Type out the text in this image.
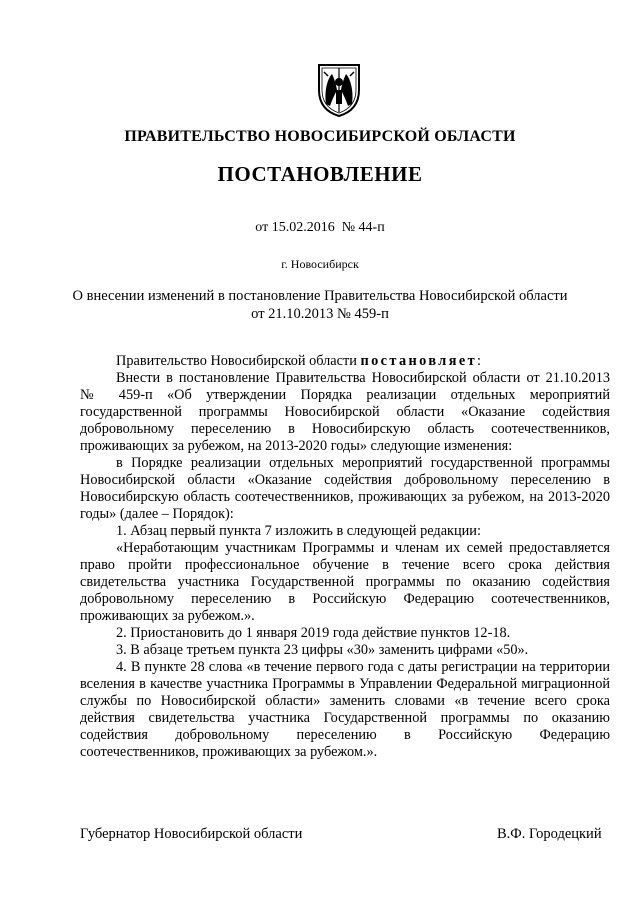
ПРАВИТЕЛЬСТВО НОВОСИБИРСКОЙ ОБЛАСТИ
ПОСТАНОВЛЕНИЕ
от 15.02.2016  № 44-п
г. Новосибирск
О внесении изменений в постановление Правительства Новосибирской области
от 21.10.2013 № 459-п

Правительство Новосибирской области постановляет:

Внести в постановление Правительства Новосибирской области от 21.10.2013 № 459-п «Об утверждении Порядка реализации отдельных мероприятий государственной программы Новосибирской области «Оказание содействия добровольному переселению в Новосибирскую область соотечественников, проживающих за рубежом, на 2013-2020 годы» следующие изменения:

в Порядке реализации отдельных мероприятий государственной программы Новосибирской области «Оказание содействия добровольному переселению в Новосибирскую область соотечественников, проживающих за рубежом, на 2013-2020 годы» (далее – Порядок):

1. Абзац первый пункта 7 изложить в следующей редакции:

«Неработающим участникам Программы и членам их семей предоставляется право пройти профессиональное обучение в течение всего срока действия свидетельства участника Государственной программы по оказанию содействия добровольному переселению в Российскую Федерацию соотечественников, проживающих за рубежом.».

2. Приостановить до 1 января 2019 года действие пунктов 12-18.

3. В абзаце третьем пункта 23 цифры «30» заменить цифрами «50».

4. В пункте 28 слова «в течение первого года с даты регистрации на территории вселения в качестве участника Программы в Управлении Федеральной миграционной службы по Новосибирской области» заменить словами «в течение всего срока действия свидетельства участника Государственной программы по оказанию содействия добровольному переселению в Российскую Федерацию соотечественников, проживающих за рубежом.».

Губернатор Новосибирской области	В.Ф. Городецкий
